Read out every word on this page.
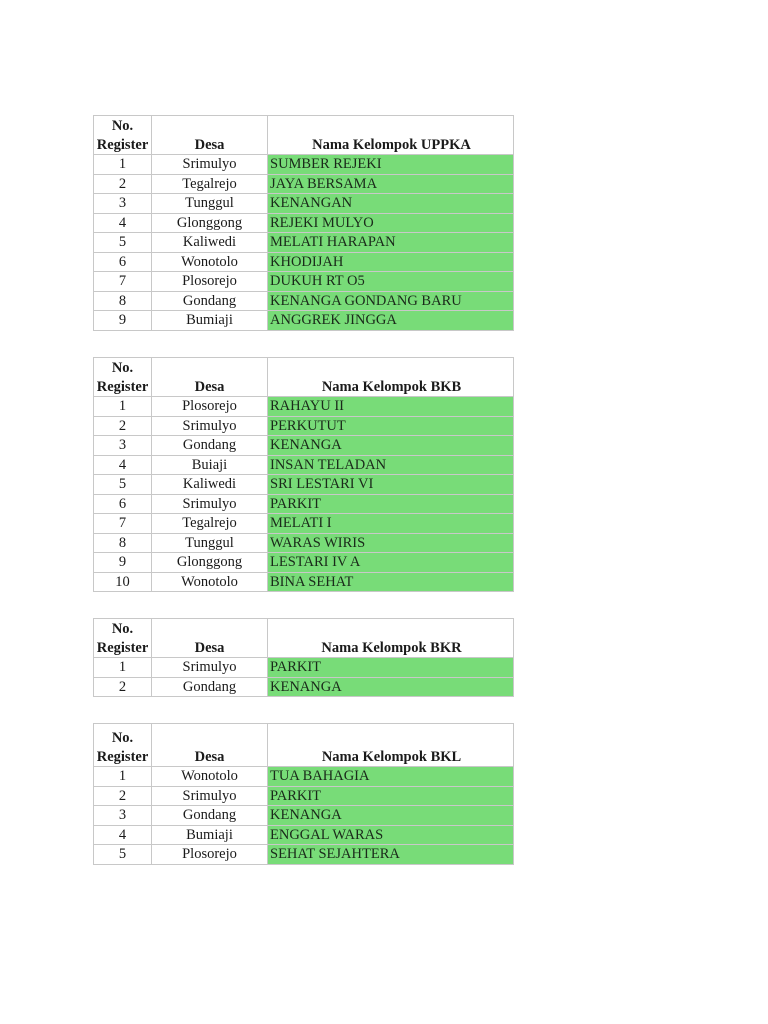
No.
Register	Desa	Nama Kelompok UPPKA
1	Srimulyo	SUMBER REJEKI
2	Tegalrejo	JAYA BERSAMA
3	Tunggul	KENANGAN
4	Glonggong	REJEKI MULYO
5	Kaliwedi	MELATI HARAPAN
6	Wonotolo	KHODIJAH
7	Plosorejo	DUKUH RT O5
8	Gondang	KENANGA GONDANG BARU
9	Bumiaji	ANGGREK JINGGA
No.
Register	Desa	Nama Kelompok BKB
1	Plosorejo	RAHAYU II
2	Srimulyo	PERKUTUT
3	Gondang	KENANGA
4	Buiaji	INSAN TELADAN
5	Kaliwedi	SRI LESTARI VI
6	Srimulyo	PARKIT
7	Tegalrejo	MELATI I
8	Tunggul	WARAS WIRIS
9	Glonggong	LESTARI IV A
10	Wonotolo	BINA SEHAT
No.
Register	Desa	Nama Kelompok BKR
1	Srimulyo	PARKIT
2	Gondang	KENANGA
No.
Register	Desa	Nama Kelompok BKL
1	Wonotolo	TUA BAHAGIA
2	Srimulyo	PARKIT
3	Gondang	KENANGA
4	Bumiaji	ENGGAL WARAS
5	Plosorejo	SEHAT SEJAHTERA
